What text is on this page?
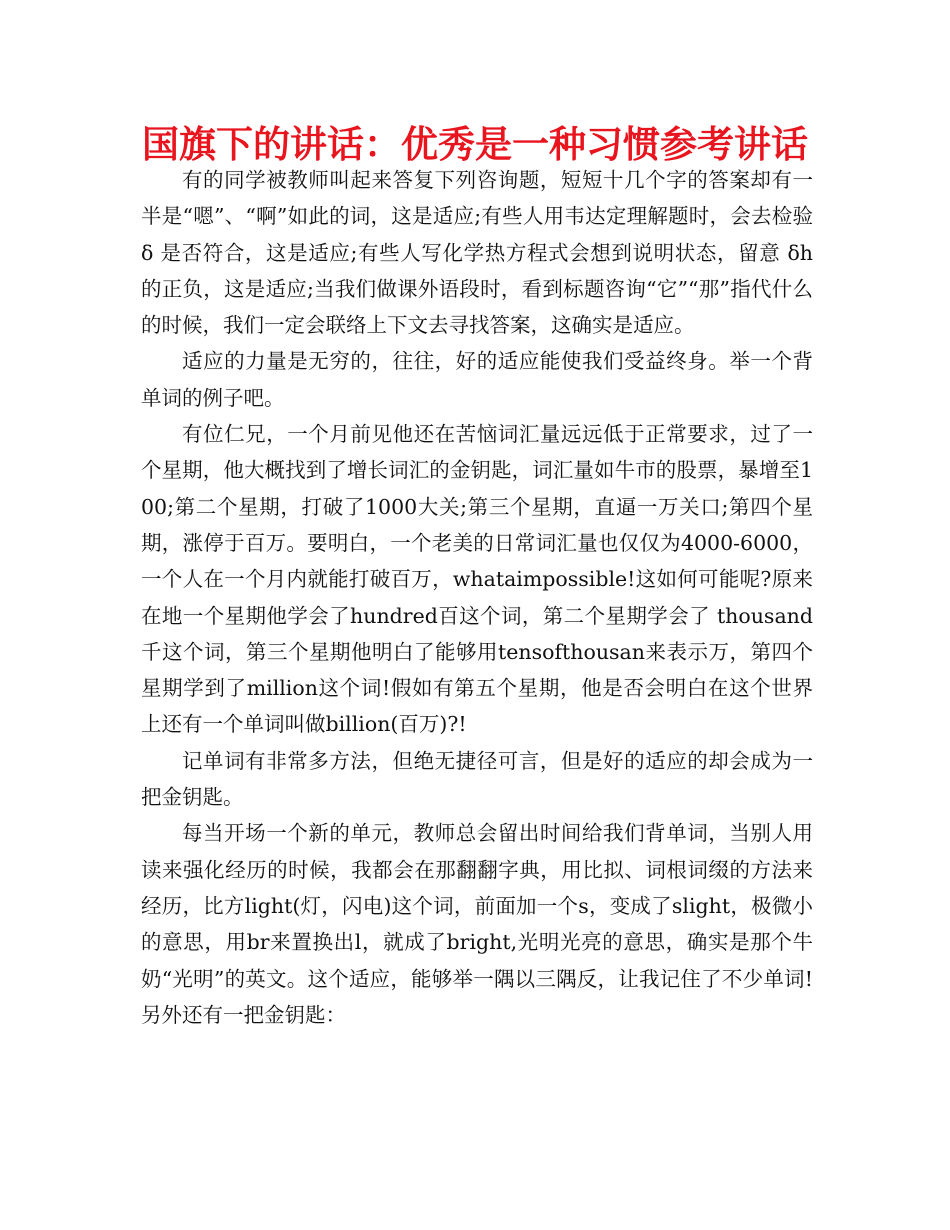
国旗下的讲话：优秀是一种习惯参考讲话

有的同学被教师叫起来答复下列咨询题，短短十几个字的答案却有一半是“嗯”、“啊”如此的词，这是适应;有些人用韦达定理解题时，会去检验 δ 是否符合，这是适应;有些人写化学热方程式会想到说明状态，留意 δh的正负，这是适应;当我们做课外语段时，看到标题咨询“它”“那”指代什么的时候，我们一定会联络上下文去寻找答案，这确实是适应。

适应的力量是无穷的，往往，好的适应能使我们受益终身。举一个背单词的例子吧。

有位仁兄，一个月前见他还在苦恼词汇量远远低于正常要求，过了一个星期，他大概找到了增长词汇的金钥匙，词汇量如牛市的股票，暴增至100;第二个星期，打破了1000大关;第三个星期，直逼一万关口;第四个星期，涨停于百万。要明白，一个老美的日常词汇量也仅仅为4000-6000，一个人在一个月内就能打破百万，whataimpossible!这如何可能呢?原来在地一个星期他学会了hundred百这个词，第二个星期学会了 thousand 千这个词，第三个星期他明白了能够用tensofthousan来表示万，第四个星期学到了million这个词!假如有第五个星期，他是否会明白在这个世界上还有一个单词叫做billion(百万)?!

记单词有非常多方法，但绝无捷径可言，但是好的适应的却会成为一把金钥匙。

每当开场一个新的单元，教师总会留出时间给我们背单词，当别人用读来强化经历的时候，我都会在那翻翻字典，用比拟、词根词缀的方法来经历，比方light(灯，闪电)这个词，前面加一个s，变成了slight，极微小的意思，用br来置换出l，就成了bright,光明光亮的意思，确实是那个牛奶“光明”的英文。这个适应，能够举一隅以三隅反，让我记住了不少单词!另外还有一把金钥匙：
